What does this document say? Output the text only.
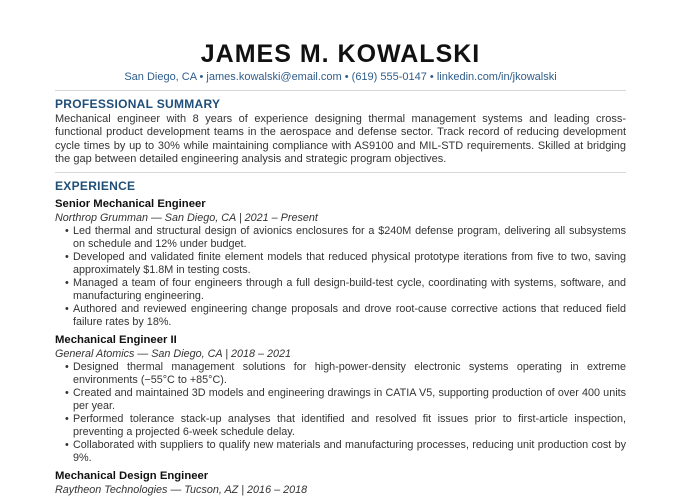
JAMES M. KOWALSKI
San Diego, CA • james.kowalski@email.com • (619) 555-0147 • linkedin.com/in/jkowalski
PROFESSIONAL SUMMARY
Mechanical engineer with 8 years of experience designing thermal management systems and leading cross-functional product development teams in the aerospace and defense sector. Track record of reducing development cycle times by up to 30% while maintaining compliance with AS9100 and MIL-STD requirements. Skilled at bridging the gap between detailed engineering analysis and strategic program objectives.
EXPERIENCE
Senior Mechanical Engineer
Northrop Grumman — San Diego, CA | 2021 – Present
• Led thermal and structural design of avionics enclosures for a $240M defense program, delivering all subsystems on schedule and 12% under budget.
• Developed and validated finite element models that reduced physical prototype iterations from five to two, saving approximately $1.8M in testing costs.
• Managed a team of four engineers through a full design-build-test cycle, coordinating with systems, software, and manufacturing engineering.
• Authored and reviewed engineering change proposals and drove root-cause corrective actions that reduced field failure rates by 18%.
Mechanical Engineer II
General Atomics — San Diego, CA | 2018 – 2021
• Designed thermal management solutions for high-power-density electronic systems operating in extreme environments (−55°C to +85°C).
• Created and maintained 3D models and engineering drawings in CATIA V5, supporting production of over 400 units per year.
• Performed tolerance stack-up analyses that identified and resolved fit issues prior to first-article inspection, preventing a projected 6-week schedule delay.
• Collaborated with suppliers to qualify new materials and manufacturing processes, reducing unit production cost by 9%.
Mechanical Design Engineer
Raytheon Technologies — Tucson, AZ | 2016 – 2018
